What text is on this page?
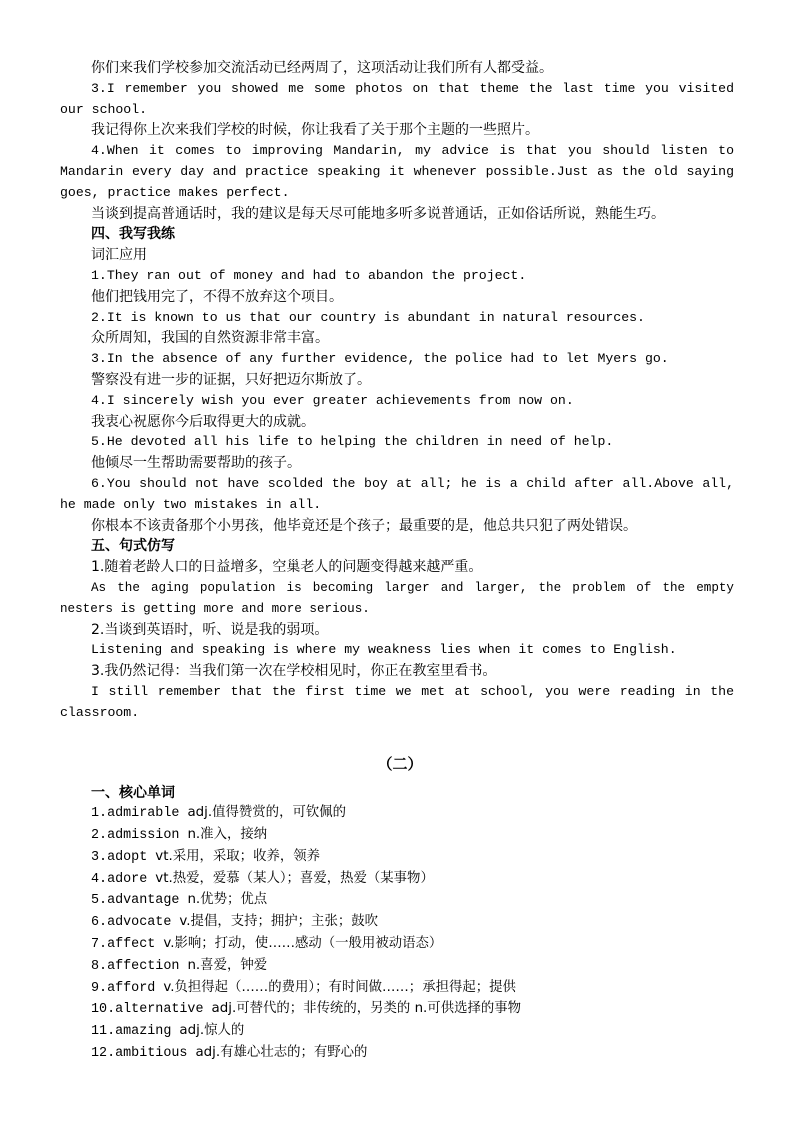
你们来我们学校参加交流活动已经两周了，这项活动让我们所有人都受益。

3.I remember you showed me some photos on that theme the last time you visited our school.

我记得你上次来我们学校的时候，你让我看了关于那个主题的一些照片。

4.When it comes to improving Mandarin, my advice is that you should listen to Mandarin every day and practice speaking it whenever possible.Just as the old saying goes, practice makes perfect.

当谈到提高普通话时，我的建议是每天尽可能地多听多说普通话，正如俗话所说，熟能生巧。

四、我写我练

词汇应用

1.They ran out of money and had to abandon the project.

他们把钱用完了，不得不放弃这个项目。

2.It is known to us that our country is abundant in natural resources.

众所周知，我国的自然资源非常丰富。

3.In the absence of any further evidence, the police had to let Myers go.

警察没有进一步的证据，只好把迈尔斯放了。

4.I sincerely wish you ever greater achievements from now on.

我衷心祝愿你今后取得更大的成就。

5.He devoted all his life to helping the children in need of help.

他倾尽一生帮助需要帮助的孩子。

6.You should not have scolded the boy at all; he is a child after all.Above all, he made only two mistakes in all.

你根本不该责备那个小男孩，他毕竟还是个孩子；最重要的是，他总共只犯了两处错误。

五、句式仿写

1.随着老龄人口的日益增多，空巢老人的问题变得越来越严重。

As the aging population is becoming larger and larger, the problem of the empty nesters is getting more and more serious.

2.当谈到英语时，听、说是我的弱项。

Listening and speaking is where my weakness lies when it comes to English.

3.我仍然记得：当我们第一次在学校相见时，你正在教室里看书。

I still remember that the first time we met at school, you were reading in the classroom.

（二）

一、核心单词

1.admirable adj.值得赞赏的，可钦佩的

2.admission n.准入，接纳

3.adopt vt.采用，采取；收养，领养

4.adore vt.热爱，爱慕（某人）；喜爱，热爱（某事物）

5.advantage n.优势；优点

6.advocate v.提倡，支持；拥护；主张；鼓吹

7.affect v.影响；打动，使……感动（一般用被动语态）

8.affection n.喜爱，钟爱

9.afford v.负担得起（……的费用）；有时间做……；承担得起；提供

10.alternative adj.可替代的；非传统的，另类的 n.可供选择的事物

11.amazing adj.惊人的

12.ambitious adj.有雄心壮志的；有野心的
